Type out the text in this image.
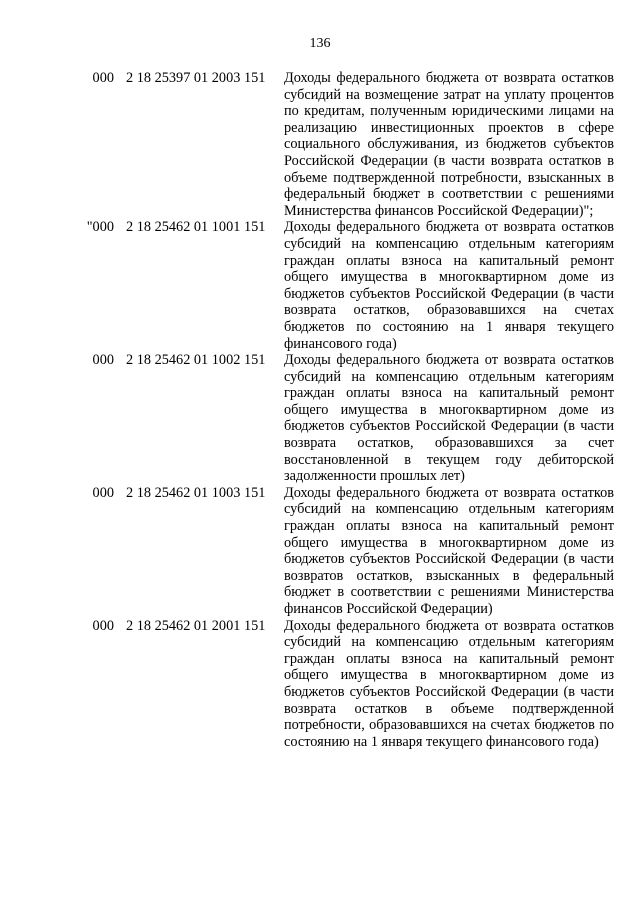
136
000 2 18 25397 01 2003 151	Доходы федерального бюджета от возврата остатков субсидий на возмещение затрат на уплату процентов по кредитам, полученным юридическими лицами на реализацию инвестиционных проектов в сфере социального обслуживания, из бюджетов субъектов Российской Федерации (в части возврата остатков в объеме подтвержденной потребности, взысканных в федеральный бюджет в соответствии с решениями Министерства финансов Российской Федерации)";
"000 2 18 25462 01 1001 151	Доходы федерального бюджета от возврата остатков субсидий на компенсацию отдельным категориям граждан оплаты взноса на капитальный ремонт общего имущества в многоквартирном доме из бюджетов субъектов Российской Федерации (в части возврата остатков, образовавшихся на счетах бюджетов по состоянию на 1 января текущего финансового года)
000 2 18 25462 01 1002 151	Доходы федерального бюджета от возврата остатков субсидий на компенсацию отдельным категориям граждан оплаты взноса на капитальный ремонт общего имущества в многоквартирном доме из бюджетов субъектов Российской Федерации (в части возврата остатков, образовавшихся за счет восстановленной в текущем году дебиторской задолженности прошлых лет)
000 2 18 25462 01 1003 151	Доходы федерального бюджета от возврата остатков субсидий на компенсацию отдельным категориям граждан оплаты взноса на капитальный ремонт общего имущества в многоквартирном доме из бюджетов субъектов Российской Федерации (в части возвратов остатков, взысканных в федеральный бюджет в соответствии с решениями Министерства финансов Российской Федерации)
000 2 18 25462 01 2001 151	Доходы федерального бюджета от возврата остатков субсидий на компенсацию отдельным категориям граждан оплаты взноса на капитальный ремонт общего имущества в многоквартирном доме из бюджетов субъектов Российской Федерации (в части возврата остатков в объеме подтвержденной потребности, образовавшихся на счетах бюджетов по состоянию на 1 января текущего финансового года)
